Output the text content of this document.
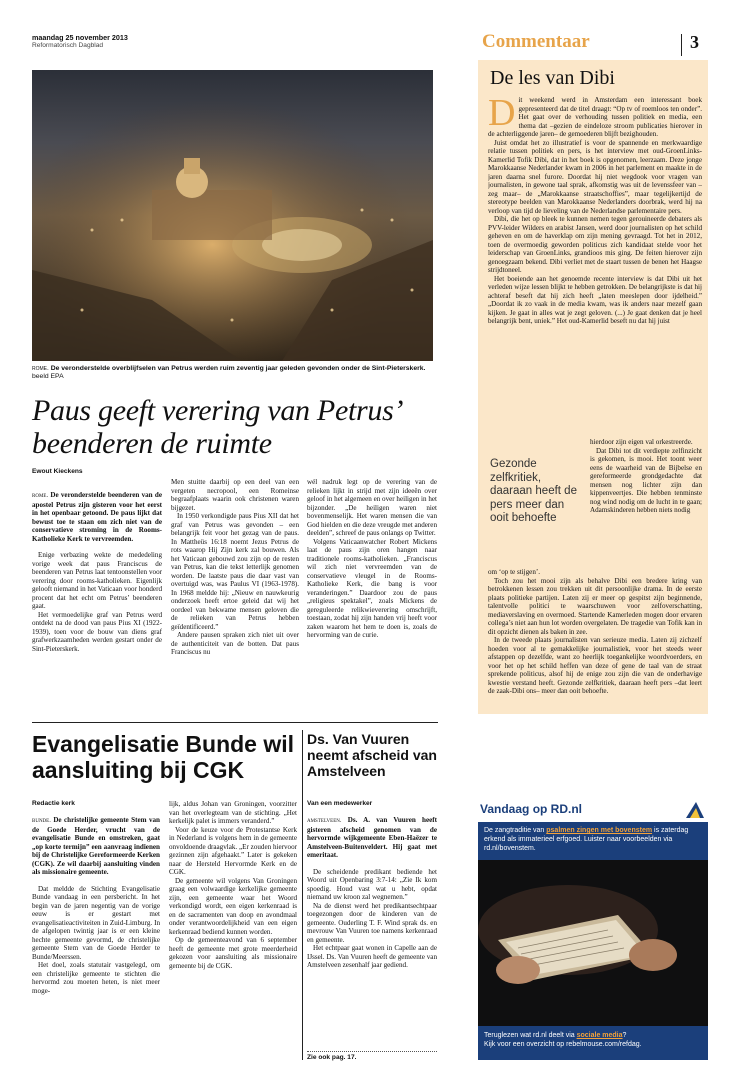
maandag 25 november 2013
Reformatorisch Dagblad	Commentaar	3
rome. De veronderstelde overblijfselen van Petrus werden ruim zeventig jaar geleden gevonden onder de Sint-Pieterskerk. beeld EPA
Paus geeft verering van Petrus’ beenderen de ruimte
Ewout Kieckens

rome. De veronderstelde beenderen van de apostel Petrus zijn gisteren voor het eerst in het openbaar getoond. De paus lijkt dat bewust toe te staan om zich niet van de conservatieve stroming in de Rooms-Katholieke Kerk te vervreemden.

Enige verbazing wekte de mededeling vorige week dat paus Franciscus de beenderen van Petrus laat tentoonstellen voor verering door rooms-katholieken. Eigenlijk gelooft niemand in het Vaticaan voor honderd procent dat het echt om Petrus’ beenderen gaat.

Het vermoedelijke graf van Petrus werd ontdekt na de dood van paus Pius XI (1922-1939), toen voor de bouw van diens graf grafwerkzaamheden werden gestart onder de Sint-Pieterskerk.

Men stuitte daarbij op een deel van een vergeten necropool, een Romeinse begraafplaats waarin ook christenen waren bijgezet.

In 1950 verkondigde paus Pius XII dat het graf van Petrus was gevonden – een belangrijk feit voor het gezag van de paus. In Mattheüs 16:18 noemt Jezus Petrus de rots waarop Hij Zijn kerk zal bouwen. Als het Vaticaan gebouwd zou zijn op de resten van Petrus, kan die tekst letterlijk genomen worden. De laatste paus die daar vast van overtuigd was, was Paulus VI (1963-1978). In 1968 meldde hij: „Nieuw en nauwkeurig onderzoek heeft ertoe geleid dat wij het oordeel van bekwame mensen geloven die de relieken van Petrus hebben geïdentificeerd.”

Andere pausen spraken zich niet uit over de authenticiteit van de botten. Dat paus Franciscus nu

wél nadruk legt op de verering van de relieken lijkt in strijd met zijn ideeën over geloof in het algemeen en over heiligen in het bijzonder. „De heiligen waren niet bovenmenselijk. Het waren mensen die van God hielden en die deze vreugde met anderen deelden”, schreef de paus onlangs op Twitter.

Volgens Vaticaanwatcher Robert Mickens laat de paus zijn oren hangen naar traditionele rooms-katholieken. „Franciscus wil zich niet vervreemden van de conservatieve vleugel in de Rooms-Katholieke Kerk, die bang is voor veranderingen.” Daardoor zou de paus „religieus spektakel”, zoals Mickens de gereguleerde relikwieverering omschrijft, toestaan, zodat hij zijn handen vrij heeft voor zaken waarom het hem te doen is, zoals de hervorming van de curie.

Evangelisatie Bunde wil aansluiting bij CGK
Redactie kerk

bunde. De christelijke gemeente Stem van de Goede Herder, vrucht van de evangelisatie Bunde en omstreken, gaat „op korte termijn” een aanvraag indienen bij de Christelijke Gereformeerde Kerken (CGK). Ze wil daarbij aansluiting vinden als missionaire gemeente.

Dat meldde de Stichting Evangelisatie Bunde vandaag in een persbericht. In het begin van de jaren negentig van de vorige eeuw is er gestart met evangelisatieactiviteiten in Zuid-Limburg. In de afgelopen twintig jaar is er een kleine hechte gemeente gevormd, de christelijke gemeente Stem van de Goede Herder te Bunde/Meerssen.

Het doel, zoals statutair vastgelegd, om een christelijke gemeente te stichten die hervormd zou moeten heten, is niet meer moge-

lijk, aldus Johan van Groningen, voorzitter van het overlegteam van de stichting. „Het kerkelijk palet is immers veranderd.”

Voor de keuze voor de Protestantse Kerk in Nederland is volgens hem in de gemeente onvoldoende draagvlak. „Er zouden hiervoor gezinnen zijn afgehaakt.” Later is gekeken naar de Hersteld Hervormde Kerk en de CGK.

De gemeente wil volgens Van Groningen graag een volwaardige kerkelijke gemeente zijn, een gemeente waar het Woord verkondigd wordt, een eigen kerkenraad is en de sacramenten van doop en avondmaal onder verantwoordelijkheid van een eigen kerkenraad bediend kunnen worden.

Op de gemeenteavond van 6 september heeft de gemeente met grote meerderheid gekozen voor aansluiting als missionaire gemeente bij de CGK.

Ds. Van Vuuren neemt afscheid van Amstelveen
Van een medewerker

amstelveen. Ds. A. van Vuuren heeft gisteren afscheid genomen van de hervormde wijkgemeente Eben-Haëzer te Amstelveen-Buitenveldert. Hij gaat met emeritaat.

De scheidende predikant bediende het Woord uit Openbaring 3:7-14: „Zie Ik kom spoedig. Houd vast wat u hebt, opdat niemand uw kroon zal wegnemen.”

Na de dienst werd het predikantsechtpaar toegezongen door de kinderen van de gemeente. Ouderling T. F. Wind sprak ds. en mevrouw Van Vuuren toe namens kerkenraad en gemeente.

Het echtpaar gaat wonen in Capelle aan de IJssel. Ds. Van Vuuren heeft de gemeente van Amstelveen zesenhalf jaar gediend.

Zie ook pag. 17.
De les van Dibi
D it weekend werd in Amsterdam een interessant boek gepresenteerd dat de titel draagt: “Op tv of roemloos ten onder”. Het gaat over de verhouding tussen politiek en media, een thema dat –gezien de eindeloze stroom publicaties hierover in de achterliggende jaren– de gemoederen blijft bezighouden.

Juist omdat het zo illustratief is voor de spannende en merkwaardige relatie tussen politiek en pers, is het interview met oud-GroenLinks-Kamerlid Tofik Dibi, dat in het boek is opgenomen, leerzaam. Deze jonge Marokkaanse Nederlander kwam in 2006 in het parlement en maakte in de jaren daarna snel furore. Doordat hij niet wegdook voor vragen van journalisten, in gewone taal sprak, afkomstig was uit de levenssfeer van –zeg maar– de „Marokkaanse straatschoffies”, maar tegelijkertijd de stereotype beelden van Marokkaanse Nederlanders doorbrak, werd hij na verloop van tijd de lieveling van de Nederlandse parlementaire pers.

Dibi, die het op bleek te kunnen nemen tegen gerouineerde debaters als PVV-leider Wilders en arabist Jansen, werd door journalisten op het schild geheven en om de haverklap om zijn mening gevraagd. Tot het in 2012, toen de overmoedig geworden politicus zich kandidaat stelde voor het leiderschap van GroenLinks, grandioos mis ging. De feiten hierover zijn genoegzaam bekend. Dibi verliet met de staart tussen de benen het Haagse strijdtoneel.

Het boeiende aan het genoemde recente interview is dat Dibi uit het verleden wijze lessen blijkt te hebben getrokken. De belangrijkste is dat hij achteraf beseft dat hij zich heeft „laten meeslepen door ijdelheid.” „Doordat ik zo vaak in de media kwam, was ik anders naar mezelf gaan kijken. Je gaat in alles wat je zegt geloven. (...) Je gaat denken dat je heel belangrijk bent, uniek.” Het oud-Kamerlid beseft nu dat hij juist

hierdoor zijn eigen val orkestreerde.

Dat Dibi tot dit verdiepte zelfinzicht is gekomen, is mooi. Het toont weer eens de waarheid van de Bijbelse en gereformeerde grondgedachte dat mensen nog lichter zijn dan kippenveertjes. Die hebben tenminste nog wind nodig om de lucht in te gaan; Adamskinderen hebben niets nodig

Gezonde zelfkritiek, daaraan heeft de pers meer dan ooit behoefte

om ‘op te stijgen’.

Toch zou het mooi zijn als behalve Dibi een bredere kring van betrokkenen lessen zou trekken uit dit persoonlijke drama. In de eerste plaats politieke partijen. Laten zij er meer op gespitst zijn beginnende, talentvolle politici te waarschuwen voor zelfoverschatting, mediaverslaving en overmoed. Startende Kamerleden mogen door ervaren collega’s niet aan hun lot worden overgelaten. De tragedie van Tofik kan in dit opzicht dienen als baken in zee.

In de tweede plaats journalisten van serieuze media. Laten zij zichzelf hoeden voor al te gemakkelijke journalistiek, voor het steeds weer afstappen op dezelfde, want zo heerlijk toegankelijke woordvoerders, en voor het op het schild heffen van deze of gene de taal van de straat sprekende politicus, alsof hij de enige zou zijn die van de onderhavige kwestie verstand heeft. Gezonde zelfkritiek, daaraan heeft pers –dat leert de zaak-Dibi ons– meer dan ooit behoefte.

Vandaag op RD.nl
De zangtraditie van psalmen zingen met bovenstem is zaterdag erkend als immaterieel erfgoed. Luister naar voorbeelden via rd.nl/bovenstem.
Teruglezen wat rd.nl deelt via sociale media?
Kijk voor een overzicht op rebelmouse.com/refdag.
